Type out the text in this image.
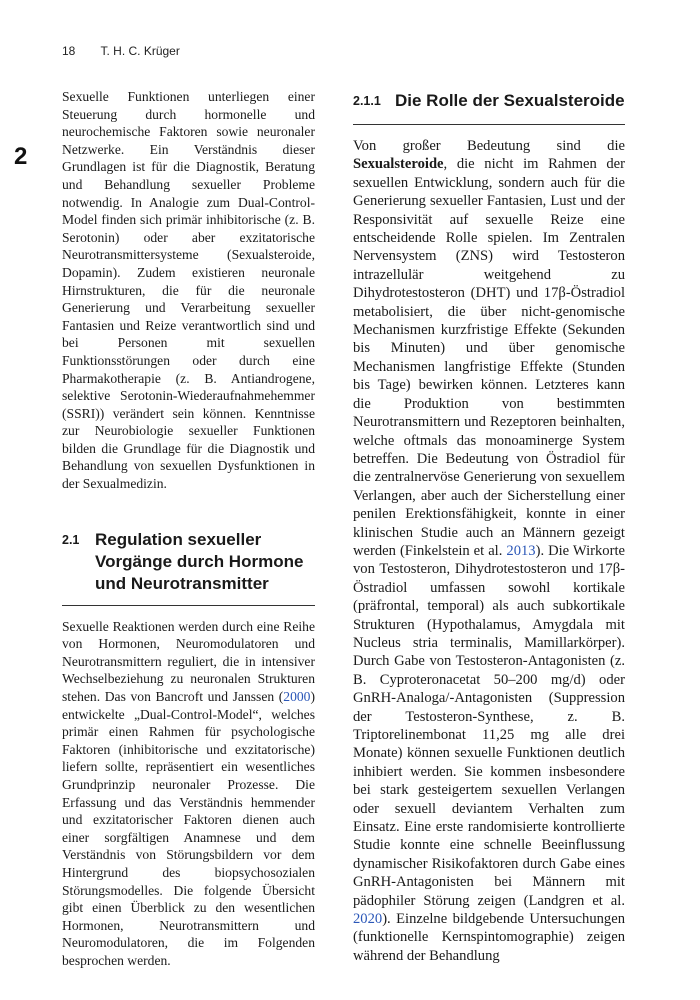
18 T. H. C. Krüger
2

Sexuelle Funktionen unterliegen einer Steuerung durch hormonelle und neurochemische Faktoren sowie neuronaler Netzwerke. Ein Verständnis dieser Grundlagen ist für die Diagnostik, Beratung und Behandlung sexueller Probleme notwendig. In Analogie zum Dual-Control-Model finden sich primär inhibitorische (z. B. Serotonin) oder aber exzitatorische Neurotransmittersysteme (Sexualsteroide, Dopamin). Zudem existieren neuronale Hirnstrukturen, die für die neuronale Generierung und Verarbeitung sexueller Fantasien und Reize verantwortlich sind und bei Personen mit sexuellen Funktionsstörungen oder durch eine Pharmakotherapie (z. B. Antiandrogene, selektive Serotonin-Wiederaufnahmehemmer (SSRI)) verändert sein können. Kenntnisse zur Neurobiologie sexueller Funktionen bilden die Grundlage für die Diagnostik und Behandlung von sexuellen Dysfunktionen in der Sexualmedizin.

2.1 Regulation sexueller Vorgänge durch Hormone und Neurotransmitter

Sexuelle Reaktionen werden durch eine Reihe von Hormonen, Neuromodulatoren und Neurotransmittern reguliert, die in intensiver Wechselbeziehung zu neuronalen Strukturen stehen. Das von Bancroft und Janssen (2000) entwickelte „Dual-Control-Model“, welches primär einen Rahmen für psychologische Faktoren (inhibitorische und exzitatorische) liefern sollte, repräsentiert ein wesentliches Grundprinzip neuronaler Prozesse. Die Erfassung und das Verständnis hemmender und exzitatorischer Faktoren dienen auch einer sorgfältigen Anamnese und dem Verständnis von Störungsbildern vor dem Hintergrund des biopsychosozialen Störungsmodelles. Die folgende Übersicht gibt einen Überblick zu den wesentlichen Hormonen, Neurotransmittern und Neuromodulatoren, die im Folgenden besprochen werden.

2.1.1 Die Rolle der Sexualsteroide

Von großer Bedeutung sind die Sexualsteroide, die nicht im Rahmen der sexuellen Entwicklung, sondern auch für die Generierung sexueller Fantasien, Lust und der Responsivität auf sexuelle Reize eine entscheidende Rolle spielen. Im Zentralen Nervensystem (ZNS) wird Testosteron intrazellulär weitgehend zu Dihydrotestosteron (DHT) und 17β-Östradiol metabolisiert, die über nicht-genomische Mechanismen kurzfristige Effekte (Sekunden bis Minuten) und über genomische Mechanismen langfristige Effekte (Stunden bis Tage) bewirken können. Letzteres kann die Produktion von bestimmten Neurotransmittern und Rezeptoren beinhalten, welche oftmals das monoaminerge System betreffen. Die Bedeutung von Östradiol für die zentralnervöse Generierung von sexuellem Verlangen, aber auch der Sicherstellung einer penilen Erektionsfähigkeit, konnte in einer klinischen Studie auch an Männern gezeigt werden (Finkelstein et al. 2013). Die Wirkorte von Testosteron, Dihydrotestosteron und 17β-Östradiol umfassen sowohl kortikale (präfrontal, temporal) als auch subkortikale Strukturen (Hypothalamus, Amygdala mit Nucleus stria terminalis, Mamillarkörper). Durch Gabe von Testosteron-Antagonisten (z. B. Cyproteronacetat 50–200 mg/d) oder GnRH-Analoga/-Antagonisten (Suppression der Testosteron-Synthese, z. B. Triptorelinembonat 11,25 mg alle drei Monate) können sexuelle Funktionen deutlich inhibiert werden. Sie kommen insbesondere bei stark gesteigertem sexuellen Verlangen oder sexuell deviantem Verhalten zum Einsatz. Eine erste randomisierte kontrollierte Studie konnte eine schnelle Beeinflussung dynamischer Risikofaktoren durch Gabe eines GnRH-Antagonisten bei Männern mit pädophiler Störung zeigen (Landgren et al. 2020). Einzelne bildgebende Untersuchungen (funktionelle Kernspintomographie) zeigen während der Behandlung
